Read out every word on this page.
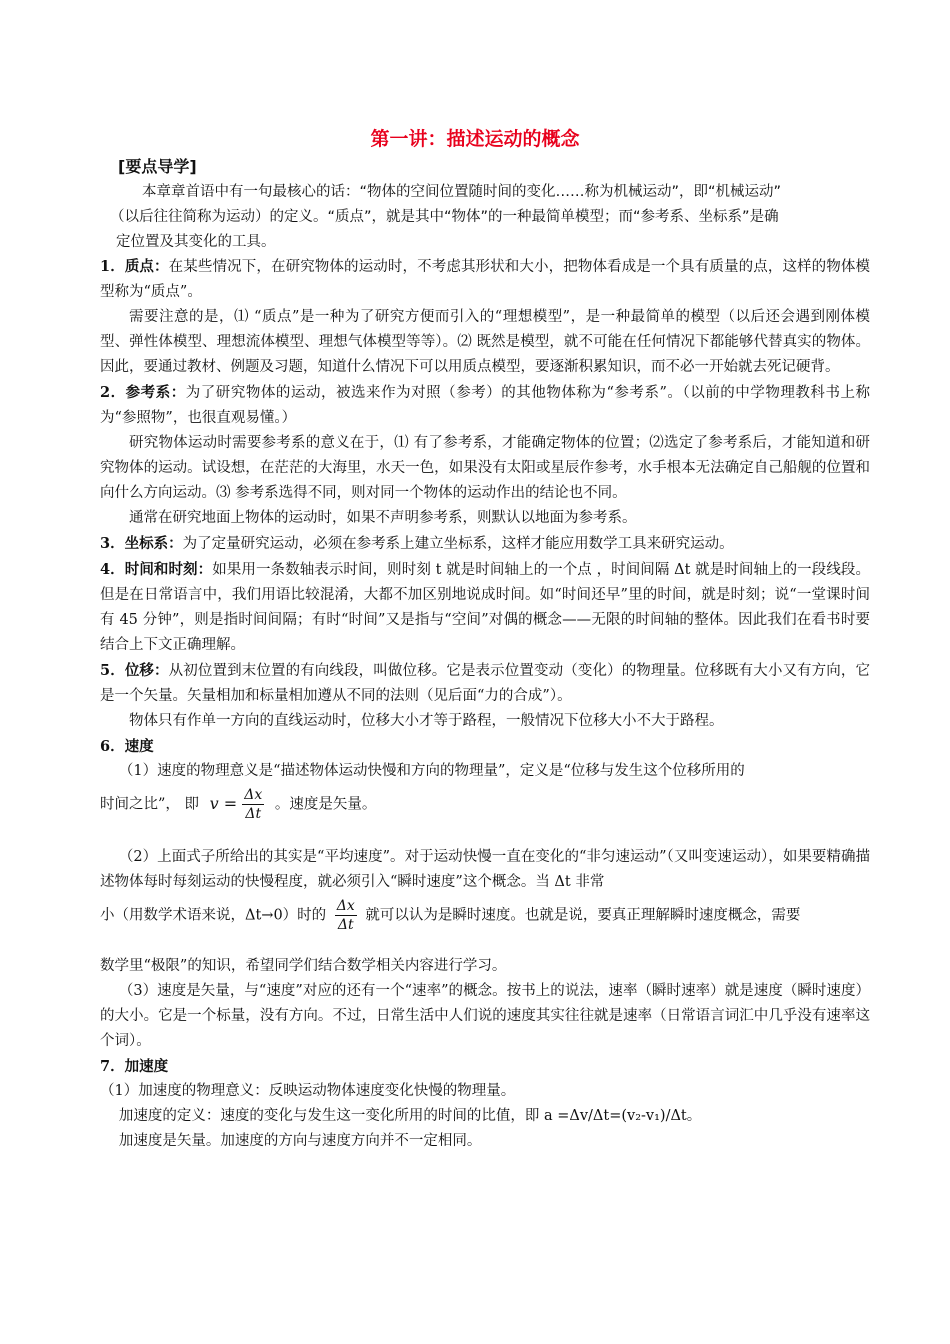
第一讲：描述运动的概念
[要点导学]

本章章首语中有一句最核心的话：“物体的空间位置随时间的变化……称为机械运动”，即“机械运动”

（以后往往简称为运动）的定义。“质点”，就是其中“物体”的一种最简单模型；而“参考系、坐标系”是确

定位置及其变化的工具。

1．质点：在某些情况下，在研究物体的运动时，不考虑其形状和大小，把物体看成是一个具有质量的点，这样的物体模型称为“质点”。

需要注意的是，⑴ “质点”是一种为了研究方便而引入的“理想模型”，是一种最简单的模型（以后还会遇到刚体模型、弹性体模型、理想流体模型、理想气体模型等等）。⑵ 既然是模型，就不可能在任何情况下都能够代替真实的物体。因此，要通过教材、例题及习题，知道什么情况下可以用质点模型，要逐渐积累知识，而不必一开始就去死记硬背。

2．参考系：为了研究物体的运动，被选来作为对照（参考）的其他物体称为“参考系”。（以前的中学物理教科书上称为“参照物”，也很直观易懂。）

研究物体运动时需要参考系的意义在于，⑴ 有了参考系，才能确定物体的位置；⑵选定了参考系后，才能知道和研究物体的运动。试设想，在茫茫的大海里，水天一色，如果没有太阳或星辰作参考，水手根本无法确定自己船舰的位置和向什么方向运动。⑶ 参考系选得不同，则对同一个物体的运动作出的结论也不同。

通常在研究地面上物体的运动时，如果不声明参考系，则默认以地面为参考系。

3．坐标系：为了定量研究运动，必须在参考系上建立坐标系，这样才能应用数学工具来研究运动。

4．时间和时刻：如果用一条数轴表示时间，则时刻 t 就是时间轴上的一个点 ，时间间隔 Δt 就是时间轴上的一段线段。但是在日常语言中，我们用语比较混淆，大都不加区别地说成时间。如“时间还早”里的时间，就是时刻；说“一堂课时间有 45 分钟”，则是指时间间隔；有时“时间”又是指与“空间”对偶的概念——无限的时间轴的整体。因此我们在看书时要结合上下文正确理解。

5．位移：从初位置到末位置的有向线段，叫做位移。它是表示位置变动（变化）的物理量。位移既有大小又有方向，它是一个矢量。矢量相加和标量相加遵从不同的法则（见后面“力的合成”）。

物体只有作单一方向的直线运动时，位移大小才等于路程，一般情况下位移大小不大于路程。

6．速度

（1）速度的物理意义是“描述物体运动快慢和方向的物理量”，定义是“位移与发生这个位移所用的

时间之比”， 即 $v = \frac{\Delta x}{\Delta t}$ 。速度是矢量。

（2）上面式子所给出的其实是“平均速度”。对于运动快慢一直在变化的“非匀速运动”（又叫变速运动），如果要精确描述物体每时每刻运动的快慢程度，就必须引入“瞬时速度”这个概念。当 Δt 非常

小（用数学术语来说，Δt→0）时的 $\frac{\Delta x}{\Delta t}$ 就可以认为是瞬时速度。也就是说，要真正理解瞬时速度概念，需要

数学里“极限”的知识，希望同学们结合数学相关内容进行学习。

（3）速度是矢量，与“速度”对应的还有一个“速率”的概念。按书上的说法，速率（瞬时速率）就是速度（瞬时速度）的大小。它是一个标量，没有方向。不过，日常生活中人们说的速度其实往往就是速率（日常语言词汇中几乎没有速率这个词）。

7．加速度

（1）加速度的物理意义：反映运动物体速度变化快慢的物理量。

加速度的定义：速度的变化与发生这一变化所用的时间的比值，即 a =Δv/Δt=(v₂-v₁)/Δt。

加速度是矢量。加速度的方向与速度方向并不一定相同。
